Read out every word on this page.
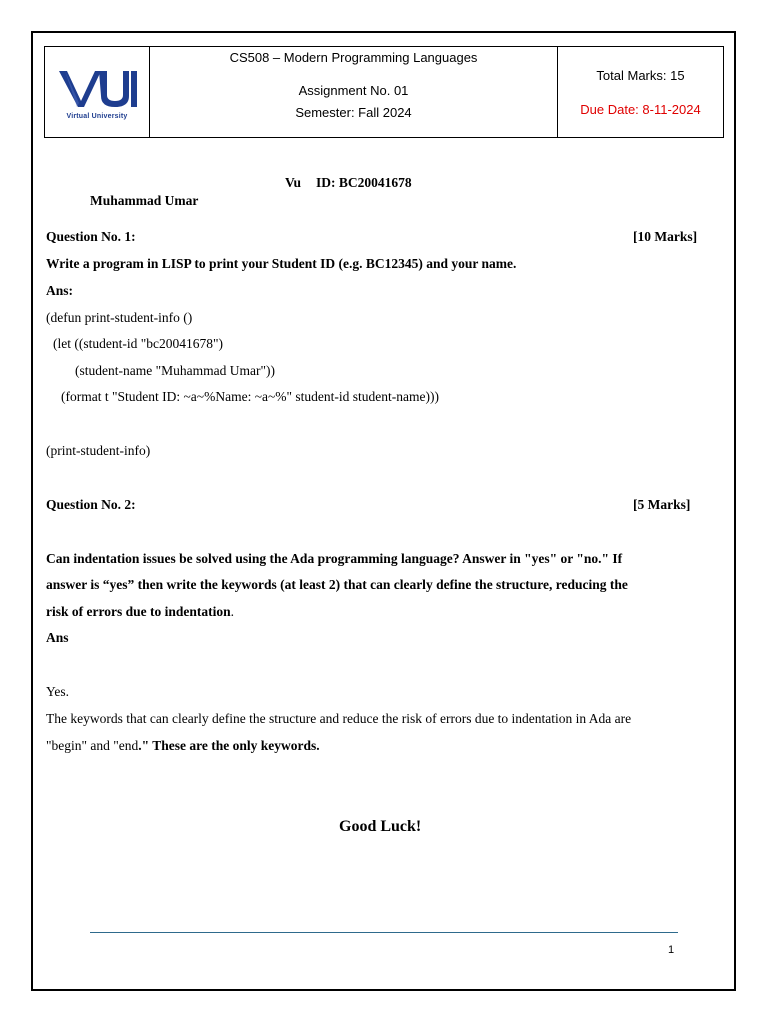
Virtual University
CS508 – Modern Programming Languages
Assignment No. 01
Semester: Fall 2024
Total Marks: 15
Due Date: 8-11-2024
Vu ID: BC20041678
Muhammad Umar
Question No. 1:	[10 Marks]
Write a program in LISP to print your Student ID (e.g. BC12345) and your name.
Ans:
(defun print-student-info ()
(let ((student-id "bc20041678")
(student-name "Muhammad Umar"))
(format t "Student ID: ~a~%Name: ~a~%" student-id student-name)))
(print-student-info)
Question No. 2:	[5 Marks]
Can indentation issues be solved using the Ada programming language? Answer in "yes" or "no." If
answer is “yes” then write the keywords (at least 2) that can clearly define the structure, reducing the
risk of errors due to indentation.
Ans
Yes.
The keywords that can clearly define the structure and reduce the risk of errors due to indentation in Ada are
"begin" and "end." These are the only keywords.
Good Luck!
1
